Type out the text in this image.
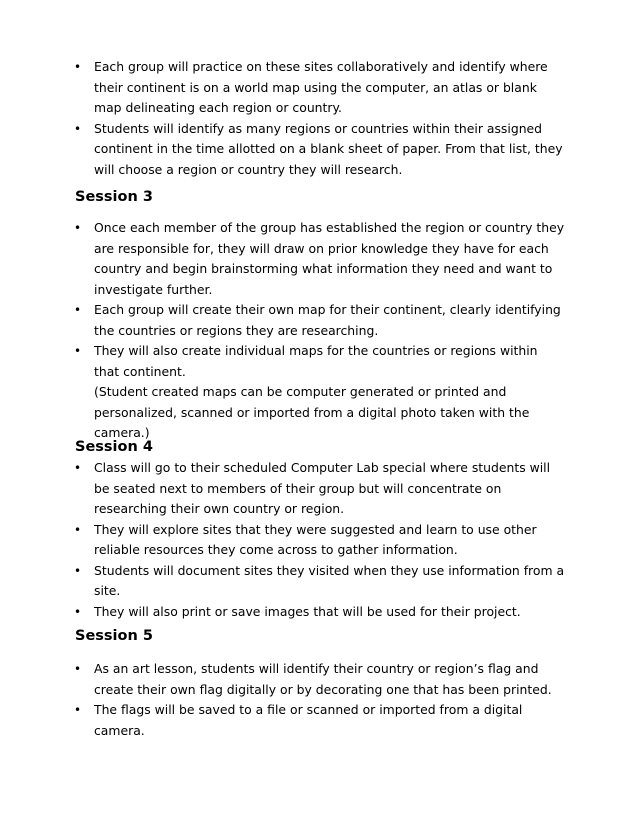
• Each group will practice on these sites collaboratively and identify where their continent is on a world map using the computer, an atlas or blank map delineating each region or country.
• Students will identify as many regions or countries within their assigned continent in the time allotted on a blank sheet of paper. From that list, they will choose a region or country they will research.
Session 3
• Once each member of the group has established the region or country they are responsible for, they will draw on prior knowledge they have for each country and begin brainstorming what information they need and want to investigate further.
• Each group will create their own map for their continent, clearly identifying the countries or regions they are researching.
• They will also create individual maps for the countries or regions within that continent.
(Student created maps can be computer generated or printed and personalized, scanned or imported from a digital photo taken with the camera.)
Session 4
• Class will go to their scheduled Computer Lab special where students will be seated next to members of their group but will concentrate on researching their own country or region.
• They will explore sites that they were suggested and learn to use other reliable resources they come across to gather information.
• Students will document sites they visited when they use information from a site.
• They will also print or save images that will be used for their project.
Session 5
• As an art lesson, students will identify their country or region’s flag and create their own flag digitally or by decorating one that has been printed.
• The flags will be saved to a file or scanned or imported from a digital camera.
